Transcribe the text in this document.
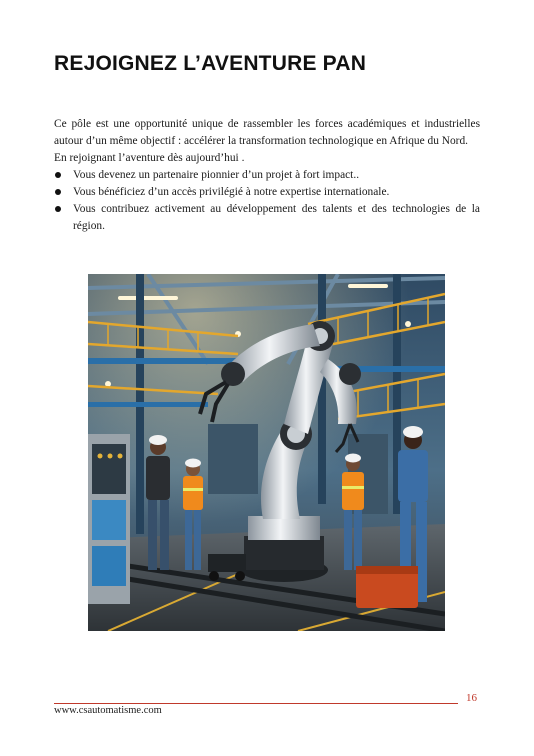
REJOIGNEZ L’AVENTURE PAN

Ce pôle est une opportunité unique de rassembler les forces académiques et industrielles autour d’un même objectif : accélérer la transformation technologique en Afrique du Nord.

En rejoignant l’aventure dès aujourd’hui .

Vous devenez un partenaire pionnier d’un projet à fort impact..
Vous bénéficiez d’un accès privilégié à notre expertise internationale.
Vous contribuez activement au développement des talents et des technologies de la région.
16
www.csautomatisme.com
